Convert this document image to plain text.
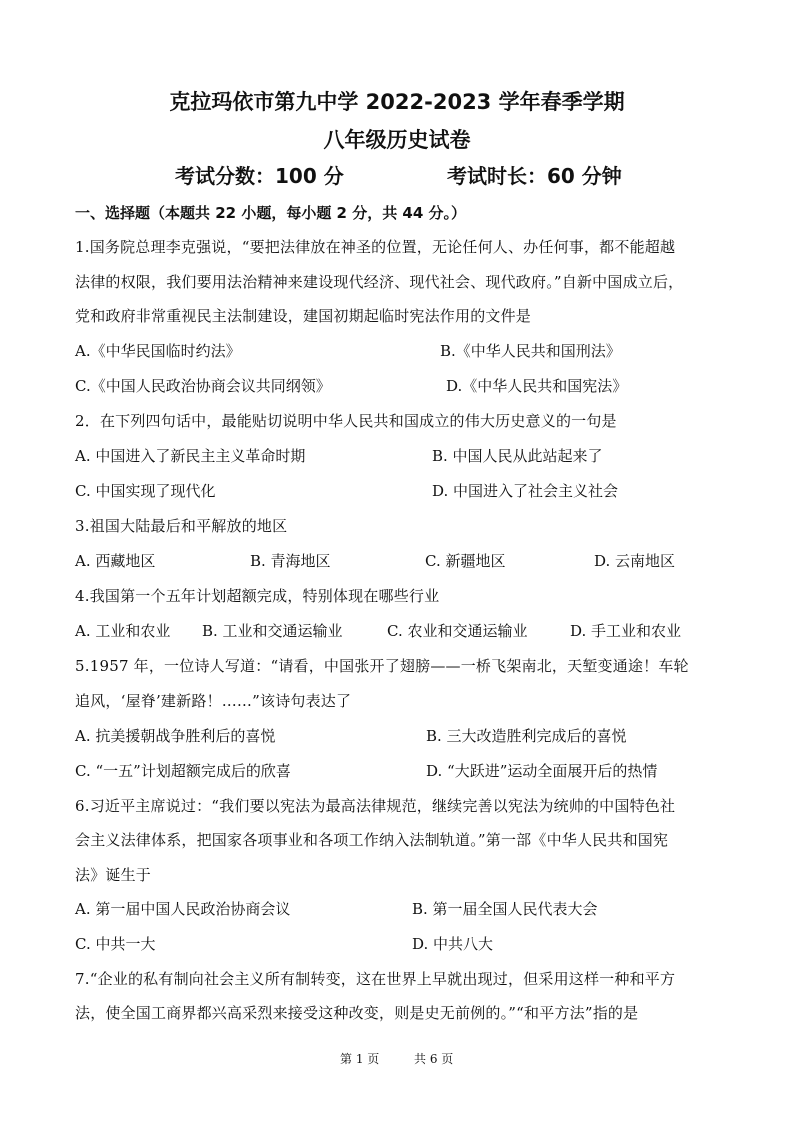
克拉玛依市第九中学 2022-2023 学年春季学期
八年级历史试卷
考试分数：100 分	考试时长：60 分钟
一、选择题（本题共 22 小题，每小题 2 分，共 44 分。）
1.国务院总理李克强说，“要把法律放在神圣的位置，无论任何人、办任何事，都不能超越
法律的权限，我们要用法治精神来建设现代经济、现代社会、现代政府。”自新中国成立后，
党和政府非常重视民主法制建设，建国初期起临时宪法作用的文件是
A.《中华民国临时约法》	B.《中华人民共和国刑法》
C.《中国人民政治协商会议共同纲领》	D.《中华人民共和国宪法》
2．在下列四句话中，最能贴切说明中华人民共和国成立的伟大历史意义的一句是
A. 中国进入了新民主主义革命时期	B. 中国人民从此站起来了
C. 中国实现了现代化	D. 中国进入了社会主义社会
3.祖国大陆最后和平解放的地区
A. 西藏地区	B. 青海地区	C. 新疆地区	D. 云南地区
4.我国第一个五年计划超额完成，特别体现在哪些行业
A. 工业和农业 B. 工业和交通运输业	C. 农业和交通运输业	D. 手工业和农业
5.1957 年，一位诗人写道：“请看，中国张开了翅膀——一桥飞架南北，天堑变通途！车轮
追风，‘屋脊’建新路！……”该诗句表达了
A. 抗美援朝战争胜利后的喜悦	B. 三大改造胜利完成后的喜悦
C. “一五”计划超额完成后的欣喜	D. “大跃进”运动全面展开后的热情
6.习近平主席说过：“我们要以宪法为最高法律规范，继续完善以宪法为统帅的中国特色社
会主义法律体系，把国家各项事业和各项工作纳入法制轨道。”第一部《中华人民共和国宪
法》诞生于
A. 第一届中国人民政治协商会议	B. 第一届全国人民代表大会
C. 中共一大	D. 中共八大
7.“企业的私有制向社会主义所有制转变，这在世界上早就出现过，但采用这样一种和平方
法，使全国工商界都兴高采烈来接受这种改变，则是史无前例的。”“和平方法”指的是
第 1 页	共 6 页
